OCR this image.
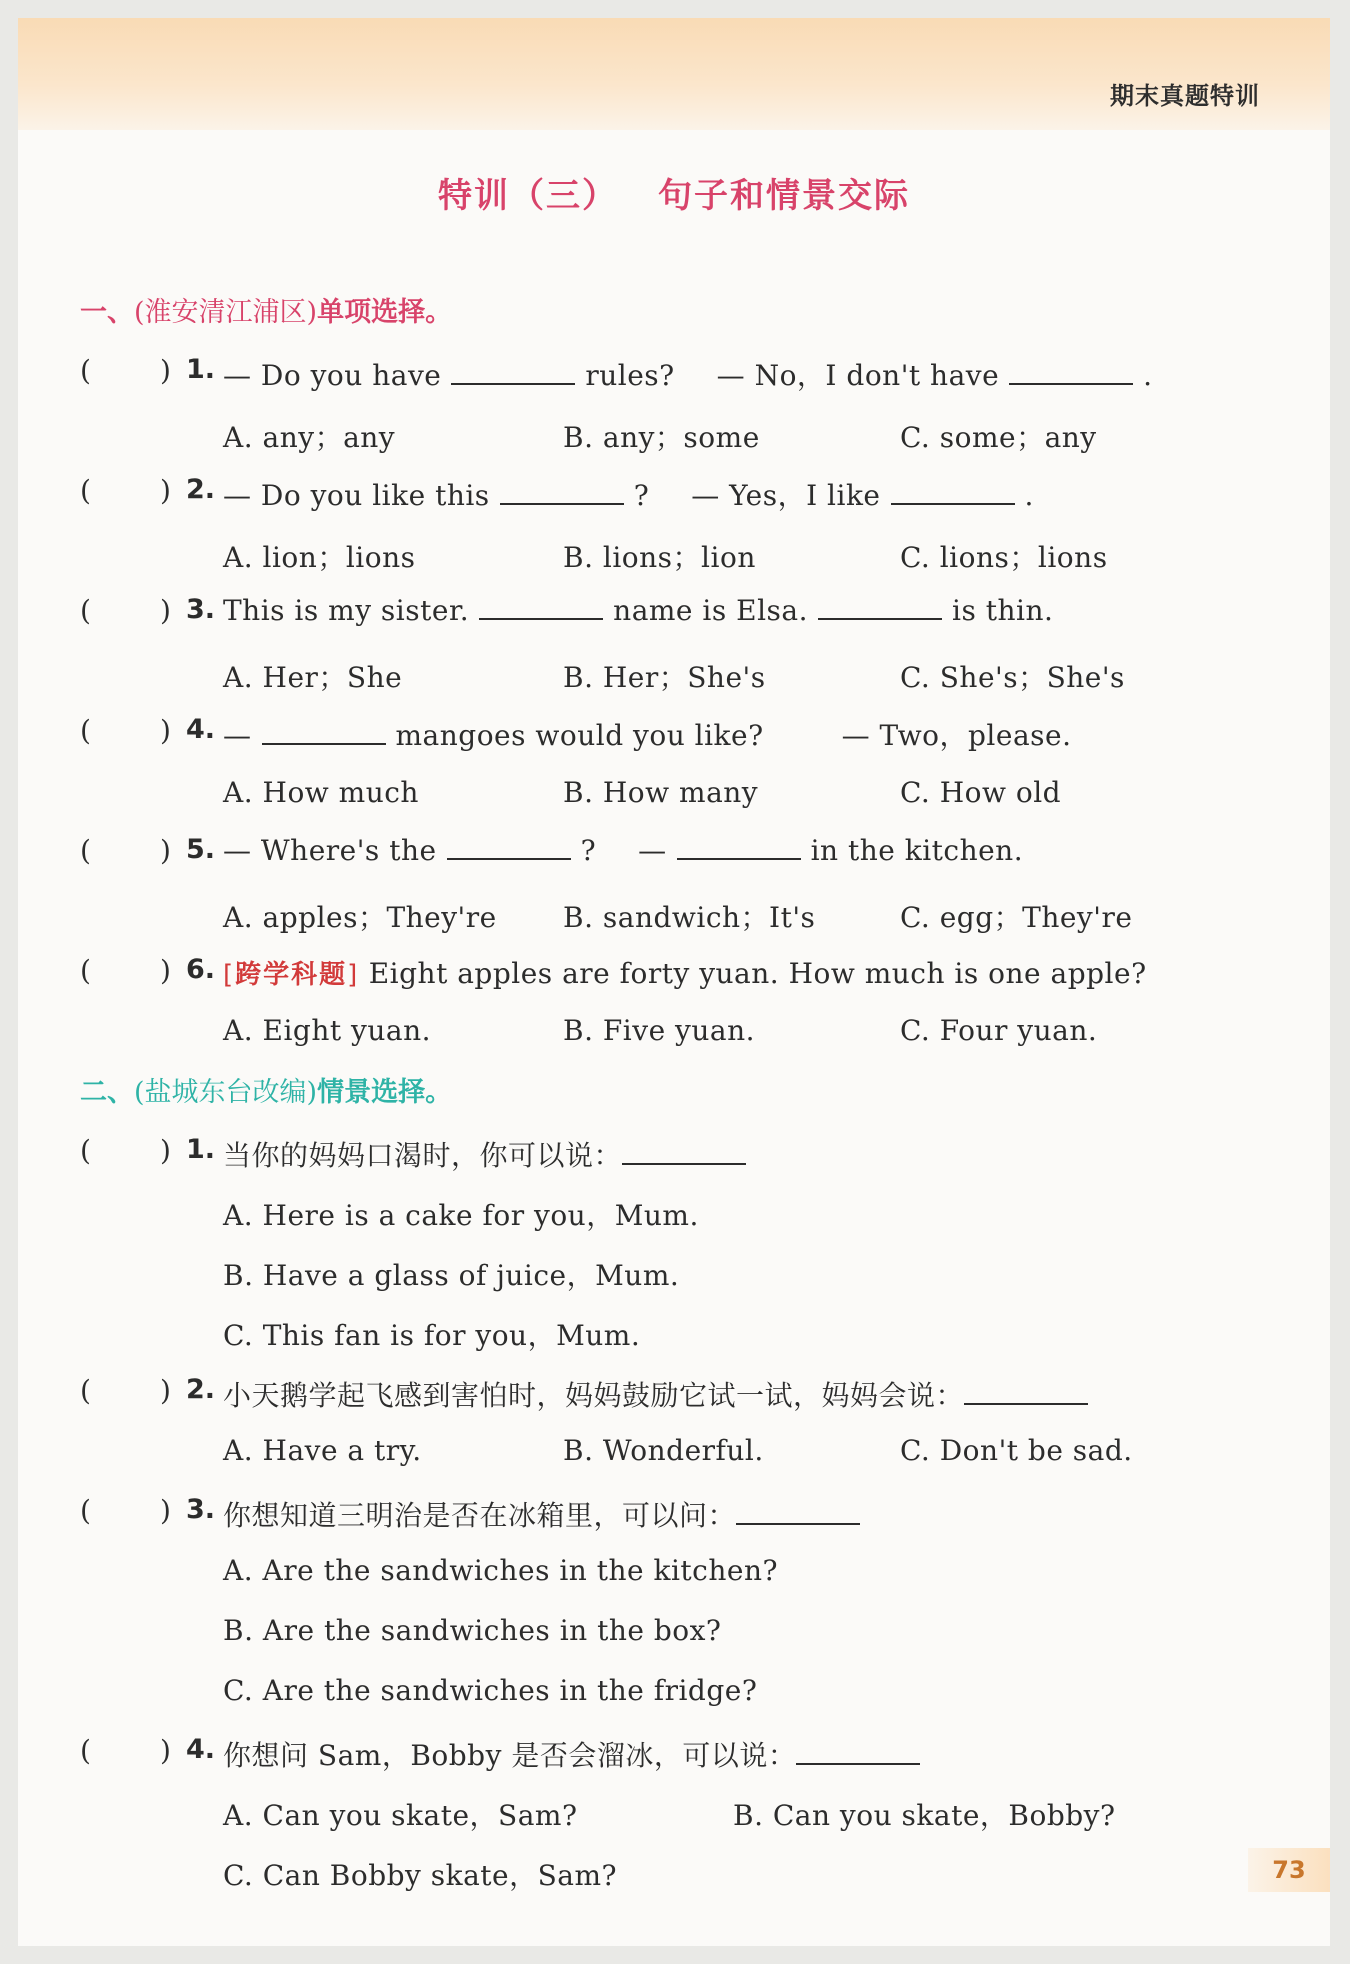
期末真题特训
特训（三） 句子和情景交际
一、(淮安清江浦区)单项选择。
( ) 1. — Do you have	rules? — No，I don't have	.
A. any；any	B. any；some	C. some；any
( ) 2. — Do you like this	? — Yes，I like	.
A. lion；lions	B. lions；lion	C. lions；lions
( ) 3. This is my sister.	name is Elsa.	is thin.
A. Her；She	B. Her；She's	C. She's；She's
( ) 4. —	mangoes would you like?	— Two，please.
A. How much	B. How many	C. How old
( ) 5. — Where's the	? —	in the kitchen.
A. apples；They're B. sandwich；It's	C. egg；They're
( ) 6. [跨学科题] Eight apples are forty yuan. How much is one apple?
A. Eight yuan.	B. Five yuan.	C. Four yuan.
二、(盐城东台改编)情景选择。
( ) 1. 当你的妈妈口渴时，你可以说：
A. Here is a cake for you，Mum.
B. Have a glass of juice，Mum.
C. This fan is for you，Mum.
( ) 2. 小天鹅学起飞感到害怕时，妈妈鼓励它试一试，妈妈会说：
A. Have a try.	B. Wonderful.	C. Don't be sad.
( ) 3. 你想知道三明治是否在冰箱里，可以问：
A. Are the sandwiches in the kitchen?
B. Are the sandwiches in the box?
C. Are the sandwiches in the fridge?
( ) 4. 你想问 Sam，Bobby 是否会溜冰，可以说：
A. Can you skate，Sam?	B. Can you skate，Bobby?
C. Can Bobby skate，Sam?	73
